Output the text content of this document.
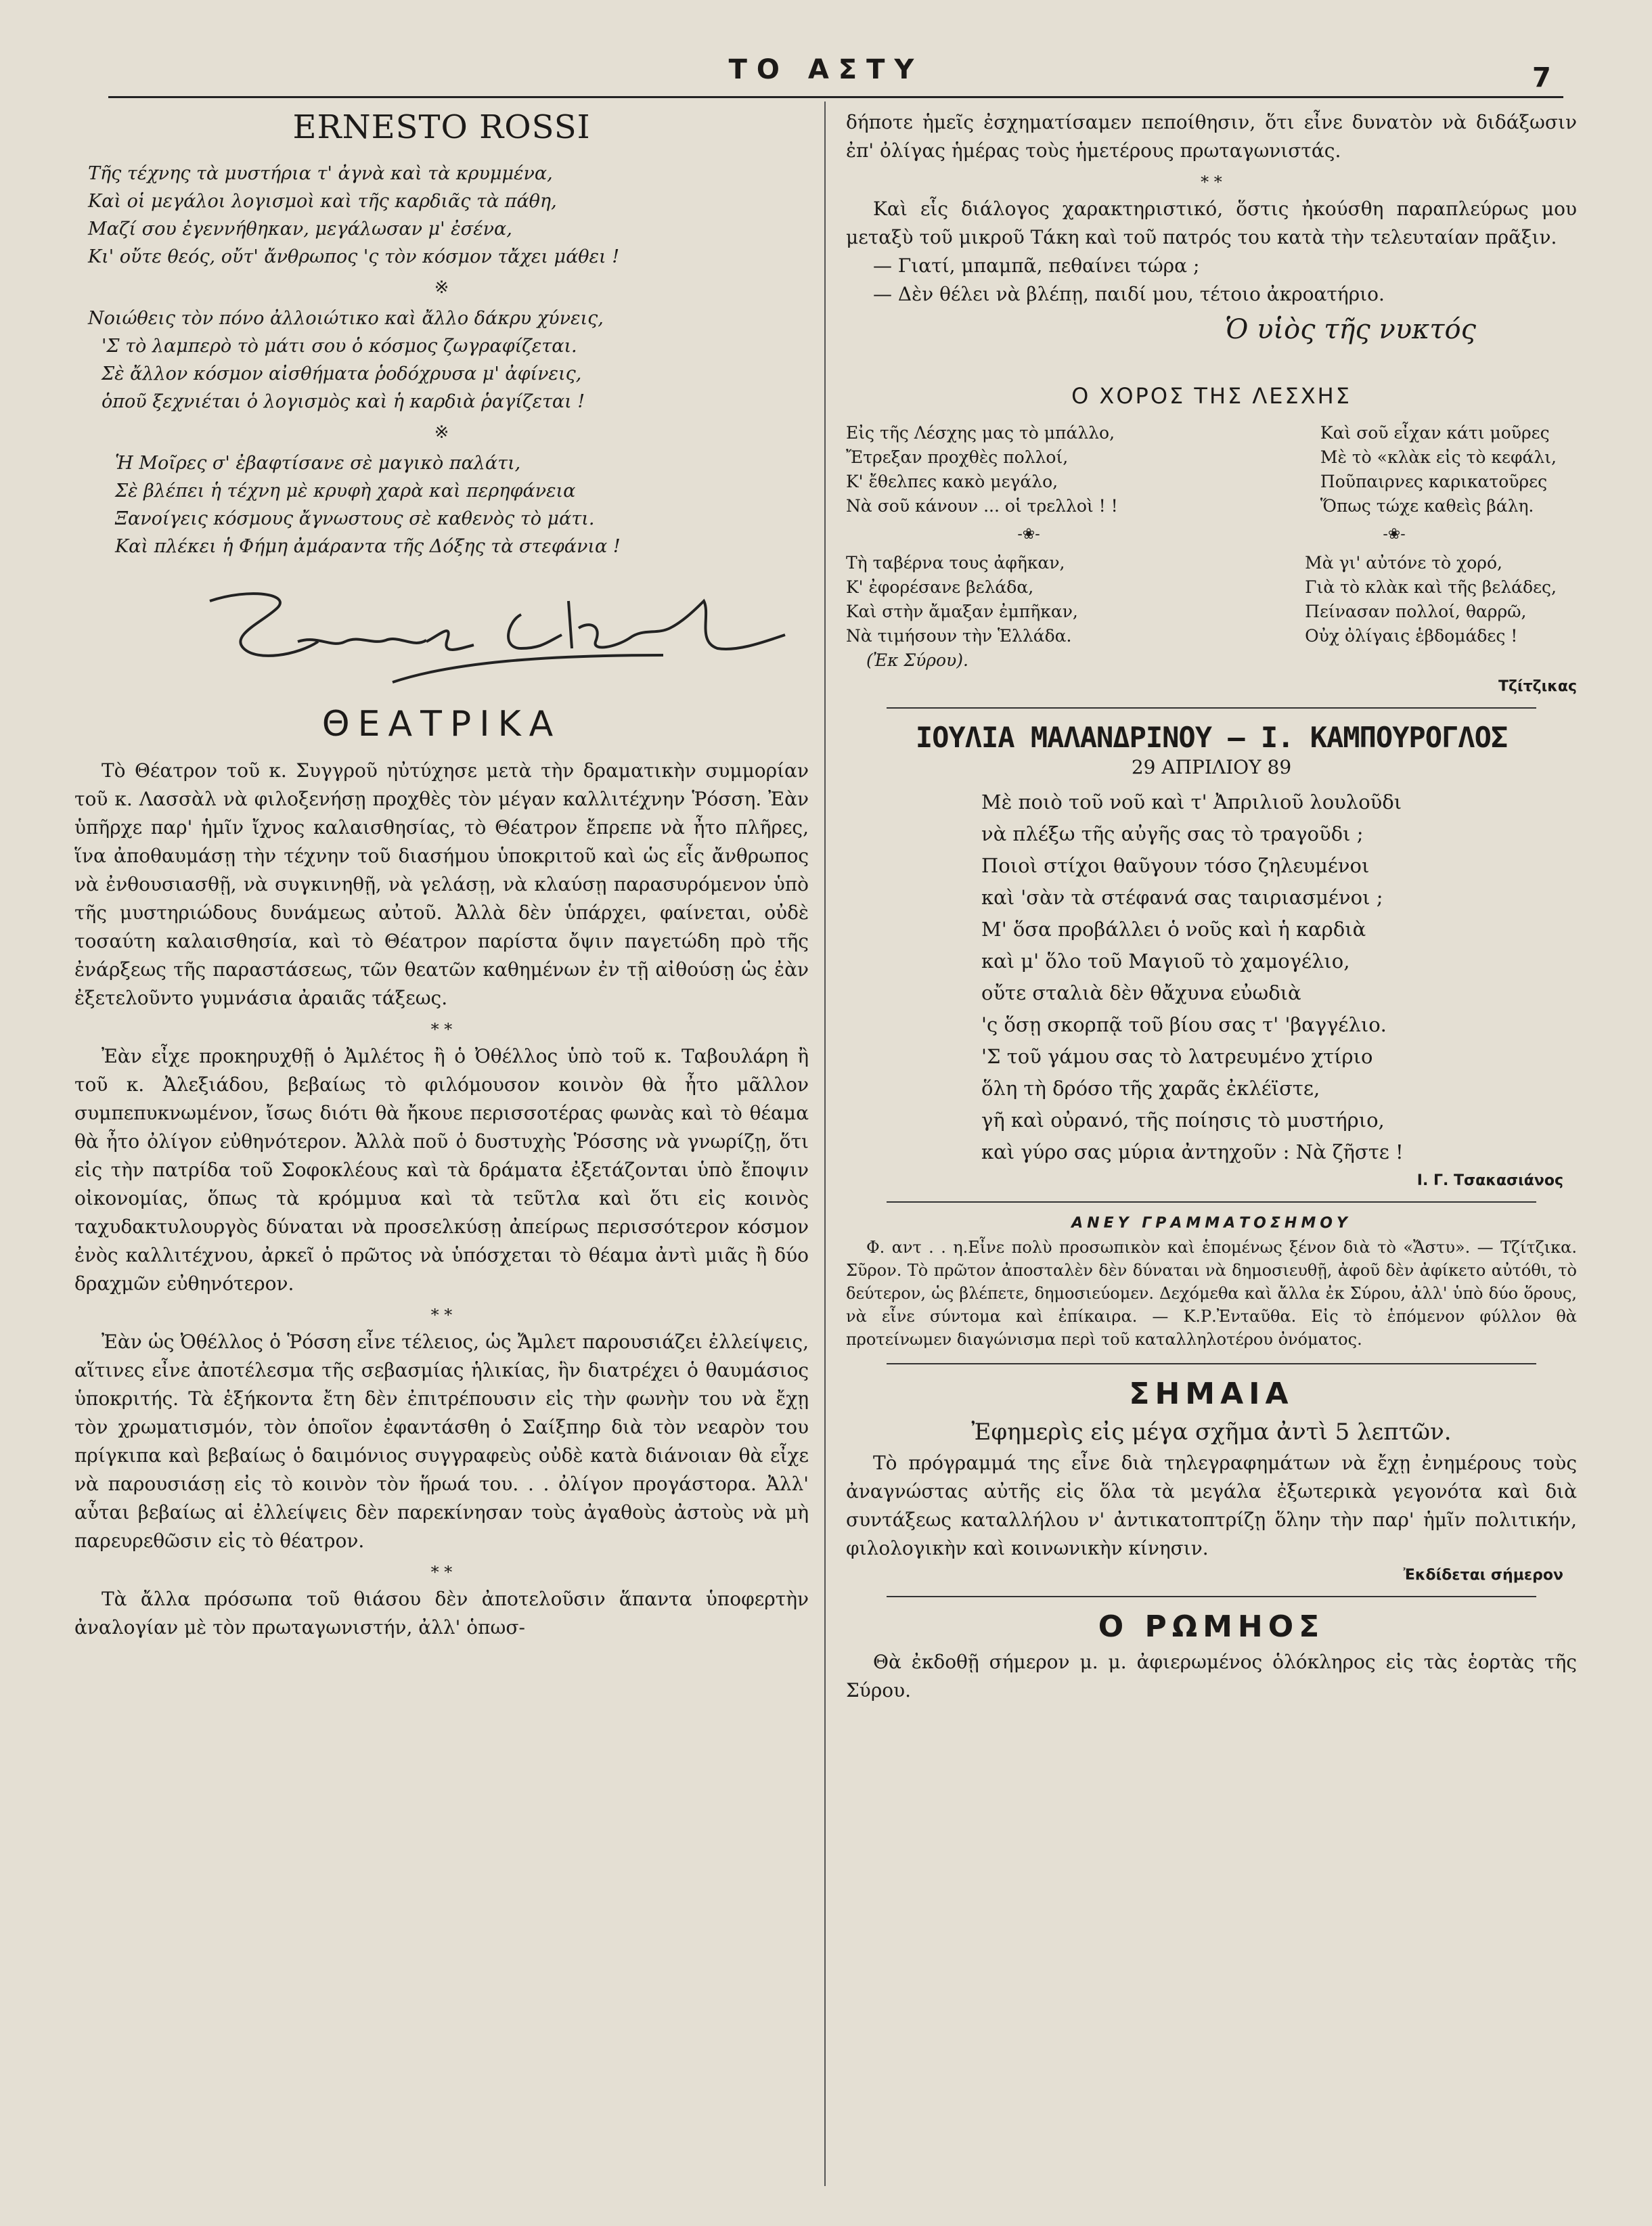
ΤΟ ΑΣΤΥ	7
ERNESTO ROSSI
Τῆς τέχνης τὰ μυστήρια τ' ἀγνὰ καὶ τὰ κρυμμένα,
Καὶ οἱ μεγάλοι λογισμοὶ καὶ τῆς καρδιᾶς τὰ πάθη,
Μαζί σου ἐγεννήθηκαν, μεγάλωσαν μ' ἐσένα,
Κι' οὔτε θεός, οὔτ' ἄνθρωπος 'ς τὸν κόσμον τἄχει μάθει !
※
Νοιώθεις τὸν πόνο ἀλλοιώτικο καὶ ἄλλο δάκρυ χύνεις,
'Σ τὸ λαμπερὸ τὸ μάτι σου ὁ κόσμος ζωγραφίζεται.
Σὲ ἄλλον κόσμον αἰσθήματα ῥοδόχρυσα μ' ἀφίνεις,
ὁποῦ ξεχνιέται ὁ λογισμὸς καὶ ἡ καρδιὰ ῥαγίζεται !
※
Ἡ Μοῖρες σ' ἐβαφτίσανε σὲ μαγικὸ παλάτι,
Σὲ βλέπει ἡ τέχνη μὲ κρυφὴ χαρὰ καὶ περηφάνεια
Ξανοίγεις κόσμους ἄγνωστους σὲ καθενὸς τὸ μάτι.
Καὶ πλέκει ἡ Φήμη ἀμάραντα τῆς Δόξης τὰ στεφάνια !
ΘΕΑΤΡΙΚΑ

Τὸ Θέατρον τοῦ κ. Συγγροῦ ηὐτύχησε μετὰ τὴν δραματικὴν συμμορίαν τοῦ κ. Λασσὰλ νὰ φιλοξενήσῃ προχθὲς τὸν μέγαν καλλιτέχνην Ῥόσση. Ἐὰν ὑπῆρχε παρ' ἡμῖν ἴχνος καλαισθησίας, τὸ Θέατρον ἔπρεπε νὰ ἦτο πλῆρες, ἵνα ἀποθαυμάσῃ τὴν τέχνην τοῦ διασήμου ὑποκριτοῦ καὶ ὡς εἷς ἄνθρωπος νὰ ἐνθουσιασθῇ, νὰ συγκινηθῇ, νὰ γελάσῃ, νὰ κλαύσῃ παρασυρόμενον ὑπὸ τῆς μυστηριώδους δυνάμεως αὐτοῦ. Ἀλλὰ δὲν ὑπάρχει, φαίνεται, οὐδὲ τοσαύτη καλαισθησία, καὶ τὸ Θέατρον παρίστα ὄψιν παγετώδη πρὸ τῆς ἐνάρξεως τῆς παραστάσεως, τῶν θεατῶν καθημένων ἐν τῇ αἰθούσῃ ὡς ἐὰν ἐξετελοῦντο γυμνάσια ἀραιᾶς τάξεως.

* *

Ἐὰν εἶχε προκηρυχθῇ ὁ Ἀμλέτος ἢ ὁ Ὀθέλλος ὑπὸ τοῦ κ. Ταβουλάρη ἢ τοῦ κ. Ἀλεξιάδου, βεβαίως τὸ φιλόμουσον κοινὸν θὰ ἦτο μᾶλλον συμπεπυκνωμένον, ἴσως διότι θὰ ἤκουε περισσοτέρας φωνὰς καὶ τὸ θέαμα θὰ ἦτο ὀλίγον εὐθηνότερον. Ἀλλὰ ποῦ ὁ δυστυχὴς Ῥόσσης νὰ γνωρίζῃ, ὅτι εἰς τὴν πατρίδα τοῦ Σοφοκλέους καὶ τὰ δράματα ἐξετάζονται ὑπὸ ἔποψιν οἰκονομίας, ὅπως τὰ κρόμμυα καὶ τὰ τεῦτλα καὶ ὅτι εἰς κοινὸς ταχυδακτυλουργὸς δύναται νὰ προσελκύσῃ ἀπείρως περισσότερον κόσμον ἐνὸς καλλιτέχνου, ἀρκεῖ ὁ πρῶτος νὰ ὑπόσχεται τὸ θέαμα ἀντὶ μιᾶς ἢ δύο δραχμῶν εὐθηνότερον.

* *

Ἐὰν ὡς Ὀθέλλος ὁ Ῥόσση εἶνε τέλειος, ὡς Ἄμλετ παρουσιάζει ἐλλείψεις, αἵτινες εἶνε ἀποτέλεσμα τῆς σεβασμίας ἡλικίας, ἣν διατρέχει ὁ θαυμάσιος ὑποκριτής. Τὰ ἑξήκοντα ἔτη δὲν ἐπιτρέπουσιν εἰς τὴν φωνὴν του νὰ ἔχῃ τὸν χρωματισμόν, τὸν ὁποῖον ἐφαντάσθη ὁ Σαίξπηρ διὰ τὸν νεαρὸν του πρίγκιπα καὶ βεβαίως ὁ δαιμόνιος συγγραφεὺς οὐδὲ κατὰ διάνοιαν θὰ εἶχε νὰ παρουσιάσῃ εἰς τὸ κοινὸν τὸν ἥρωά του. . . ὀλίγον προγάστορα. Ἀλλ' αὗται βεβαίως αἱ ἐλλείψεις δὲν παρεκίνησαν τοὺς ἀγαθοὺς ἀστοὺς νὰ μὴ παρευρεθῶσιν εἰς τὸ θέατρον.

* *

Τὰ ἄλλα πρόσωπα τοῦ θιάσου δὲν ἀποτελοῦσιν ἅπαντα ὑποφερτὴν ἀναλογίαν μὲ τὸν πρωταγωνιστήν, ἀλλ' ὁπωσ-

δήποτε ἡμεῖς ἐσχηματίσαμεν πεποίθησιν, ὅτι εἶνε δυνατὸν νὰ διδάξωσιν ἐπ' ὀλίγας ἡμέρας τοὺς ἡμετέρους πρωταγωνιστάς.

* *

Καὶ εἷς διάλογος χαρακτηριστικό, ὅστις ἠκούσθη παραπλεύρως μου μεταξὺ τοῦ μικροῦ Τάκη καὶ τοῦ πατρός του κατὰ τὴν τελευταίαν πρᾶξιν.

— Γιατί, μπαμπᾶ, πεθαίνει τώρα ;

— Δὲν θέλει νὰ βλέπῃ, παιδί μου, τέτοιο ἀκροατήριο.

Ὁ υἱὸς τῆς νυκτός
Ο ΧΟΡΟΣ ΤΗΣ ΛΕΣΧΗΣ
Εἰς τῆς Λέσχης μας τὸ μπάλλο,
Ἔτρεξαν προχθὲς πολλοί,
Κ' ἔθελπες κακὸ μεγάλο,
Νὰ σοῦ κάνουν ... οἱ τρελλοὶ ! !
Καὶ σοῦ εἶχαν κάτι μοῦρες
Μὲ τὸ «κλὰκ εἰς τὸ κεφάλι,
Ποῦπαιρνες καρικατοῦρες
Ὅπως τώχε καθεὶς βάλη.
-❀-	-❀-
Τὴ ταβέρνα τους ἀφῆκαν,
Κ' ἐφορέσανε βελάδα,
Καὶ στὴν ἄμαξαν ἐμπῆκαν,
Νὰ τιμήσουν τὴν Ἑλλάδα.
(Ἐκ Σύρου).
Μὰ γι' αὐτόνε τὸ χορό,
Γιὰ τὸ κλὰκ καὶ τῆς βελάδες,
Πείνασαν πολλοί, θαρρῶ,
Οὐχ ὀλίγαις ἑβδομάδες !
Τζίτζικας
ΙΟΥΛΙΑ ΜΑΛΑΝΔΡΙΝΟΥ — Ι. ΚΑΜΠΟΥΡΟΓΛΟΣ
29 ΑΠΡΙΛΙΟΥ 89
Μὲ ποιὸ τοῦ νοῦ καὶ τ' Ἀπριλιοῦ λουλοῦδι
νὰ πλέξω τῆς αὐγῆς σας τὸ τραγοῦδι ;
Ποιοὶ στίχοι θαῦγουν τόσο ζηλευμένοι
καὶ 'σὰν τὰ στέφανά σας ταιριασμένοι ;
Μ' ὅσα προβάλλει ὁ νοῦς καὶ ἡ καρδιὰ
καὶ μ' ὅλο τοῦ Μαγιοῦ τὸ χαμογέλιο,
οὔτε σταλιὰ δὲν θἄχυνα εὐωδιὰ
'ς ὅσῃ σκορπᾷ τοῦ βίου σας τ' 'βαγγέλιο.
'Σ τοῦ γάμου σας τὸ λατρευμένο χτίριο
ὅλη τὴ δρόσο τῆς χαρᾶς ἐκλέϊστε,
γῆ καὶ οὐρανό, τῆς ποίησις τὸ μυστήριο,
καὶ γύρο σας μύρια ἀντηχοῦν : Νὰ ζῆστε !
Ι. Γ. Τσακασιάνος
ΑΝΕΥ ΓΡΑΜΜΑΤΟΣΗΜΟΥ

Φ. αντ . . η.Εἶνε πολὺ προσωπικὸν καὶ ἑπομένως ξένον διὰ τὸ «Ἄστυ». — Τζίτζικα. Σῦρον. Τὸ πρῶτον ἀποσταλὲν δὲν δύναται νὰ δημοσιευθῇ, ἀφοῦ δὲν ἀφίκετο αὐτόθι, τὸ δεύτερον, ὡς βλέπετε, δημοσιεύομεν. Δεχόμεθα καὶ ἄλλα ἐκ Σύρου, ἀλλ' ὑπὸ δύο ὅρους, νὰ εἶνε σύντομα καὶ ἐπίκαιρα. — Κ.Ρ.Ἐνταῦθα. Εἰς τὸ ἑπόμενον φύλλον θὰ προτείνωμεν διαγώνισμα περὶ τοῦ καταλληλοτέρου ὀνόματος.

ΣΗΜΑΙΑ
Ἐφημερὶς εἰς μέγα σχῆμα ἀντὶ 5 λεπτῶν.

Τὸ πρόγραμμά της εἶνε διὰ τηλεγραφημάτων νὰ ἔχῃ ἐνημέρους τοὺς ἀναγνώστας αὐτῆς εἰς ὅλα τὰ μεγάλα ἐξωτερικὰ γεγονότα καὶ διὰ συντάξεως καταλλήλου ν' ἀντικατοπτρίζῃ ὅλην τὴν παρ' ἡμῖν πολιτικήν, φιλολογικὴν καὶ κοινωνικὴν κίνησιν.

Ἐκδίδεται σήμερον
Ο ΡΩΜΗΟΣ

Θὰ ἐκδοθῇ σήμερον μ. μ. ἀφιερωμένος ὁλόκληρος εἰς τὰς ἑορτὰς τῆς Σύρου.
